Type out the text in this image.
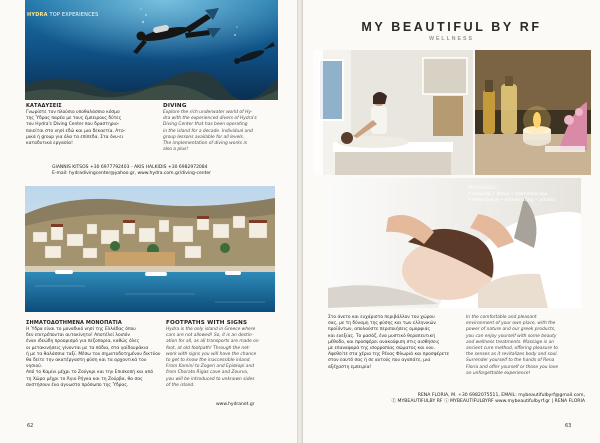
HYDRA TOP EXPERIENCES
ΚΑΤΑΔΥΣΕΙΣ
Γνωρίστε τον πλούσιο υποθαλάσσιο κόσμο
της Ύδρας παρέα με τους έμπειρους δύτες
του Hydra's Diving Center που δραστηριο-
ποιείται στο νησί εδώ και μια δεκαετία. Ατο-
μικά ή group για όλα τα επίπεδα. Στα όνυ-ει
καταδυτικά εργασία!
DIVING
Explore the rich underwater world of Hy-
dra with the experienced divers of Hydra's
Diving Center that has been operating
in the island for a decade. Individual and
group lessons available for all levels.
The implementation of diving works is
also a plus!
GIANNIS KITSOS +30 6977792403 - AKIS HALKIDIS +30 6982972084
E-mail: hydradivingcenter@yahoo.gr, www.hydra.com.gr/diving-center
ΣΗΜΑΤΟΔΟΤΗΜΕΝΑ ΜΟΝΟΠΑΤΙΑ
Η Ύδρα είναι το μοναδικό νησί της Ελλάδας όπου
δεν επιτρέπονται αυτοκίνητα! Αποτέλεί λοιπόν
έναν ιδεώδη προορισμό για πεζοπορία, καθώς όλες
οι μετακινήσεις γίνονται με τα πόδια, στα γαϊδουράκια
ή με τα θαλάσσια ταξί. Μέσω του σηματοδοτημένου δικτύου
θα δείτε την ακατέργαστη φύση και τα αρχοντικά του νησιού.
Από το Καμίνι μέχρι το Ζούγκρι και την Επισκοπή και από
τη Χώρα μέχρι το Άγιο Ρήγκα και τη Ζούρβα, θα σας
συστήσουν ένα άγνωστο πρόσωπο της Ύδρας.
FOOTPATHS WITH SIGNS
Hydra is the only island in Greece where
cars are not allowed! So, it is an destin-
ation for all, as all transports are made on
foot, at old footpath! Through the net-
work with signs you will have the chance
to get to know the inaccessible inland.
From Kamini to Zogeri and Episkopi and
from Chorato Rigas cave and Zourva,
you will be introduced to unknown sides
of the island.
www.hydranet.gr
62
MY BEAUTIFUL BY RF
WELLNESS
MASSAGES:
• relaxing • detox • aromatherapy
• deep tissue • rejuvenating • athletic
Στο άνετο και ευχάριστο περιβάλλον του χώρου
σας, με τη δύναμη της φύσης και των ελληνικών
προϊόντων, απολαύστε περιποιήσεις ομορφιάς
και ευεξίας. Το μασάζ, ένα μυστικό θεραπευτική
μέθοδο, και προσφέρει ανακούφιση στις αισθήσεις
με επαναφορά της ισορροπίας σώματος και νου.
Αφεθείτε στα χέρια της Ρένας Φλωριά και προσφέρετε
στον εαυτό σας ή σε αυτούς που αγαπάτε, μια
αξέχαστη εμπειρία!
In the comfortable and pleasant
environment of your own place, with the
power of nature and our greek products,
you can enjoy yourself with some beauty
and wellness treatments. Massage is an
ancient cure method, offering pleasure to
the senses as it revitalizes body and soul.
Surrender yourself to the hands of Rena
Floria and offer yourself or those you love
an unforgettable experience!
RENA FLORIA, M. +30 6982075511, EMAIL: mybeautifulbyrf@gmail.com,
ⓕ MYBEAUTIFULBY RF ⓘ MYBEAUTIFULBYRF www.mybeautifulbyrf.gr | RENA FLORIA
63
